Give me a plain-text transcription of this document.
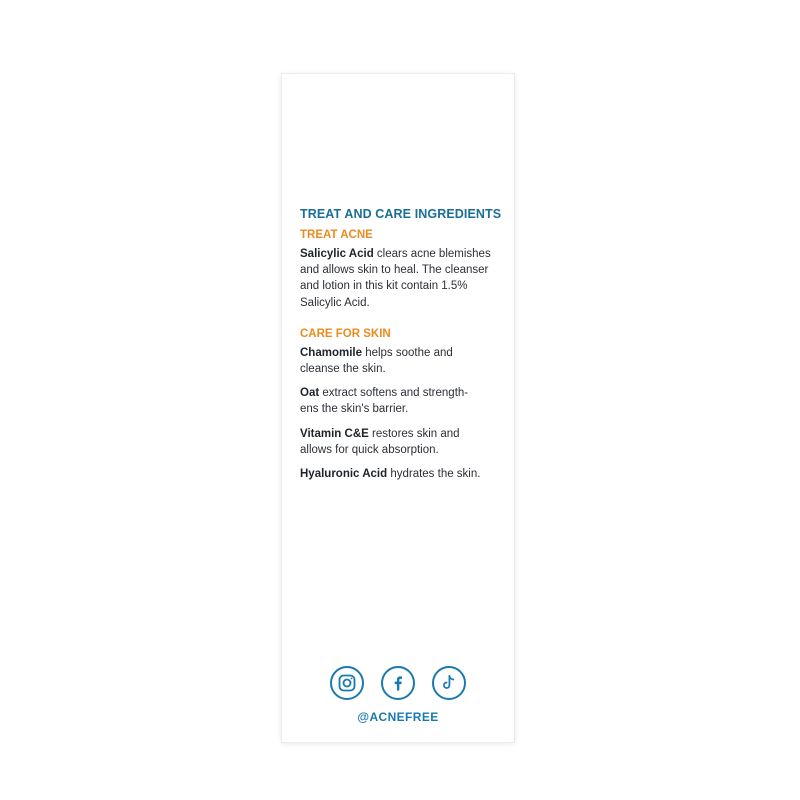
TREAT AND CARE INGREDIENTS
TREAT ACNE

Salicylic Acid clears acne blemishes
and allows skin to heal. The cleanser
and lotion in this kit contain 1.5%
Salicylic Acid.

CARE FOR SKIN

Chamomile helps soothe and
cleanse the skin.

Oat extract softens and strength-
ens the skin's barrier.

Vitamin C&E restores skin and
allows for quick absorption.

Hyaluronic Acid hydrates the skin.

@ACNEFREE
